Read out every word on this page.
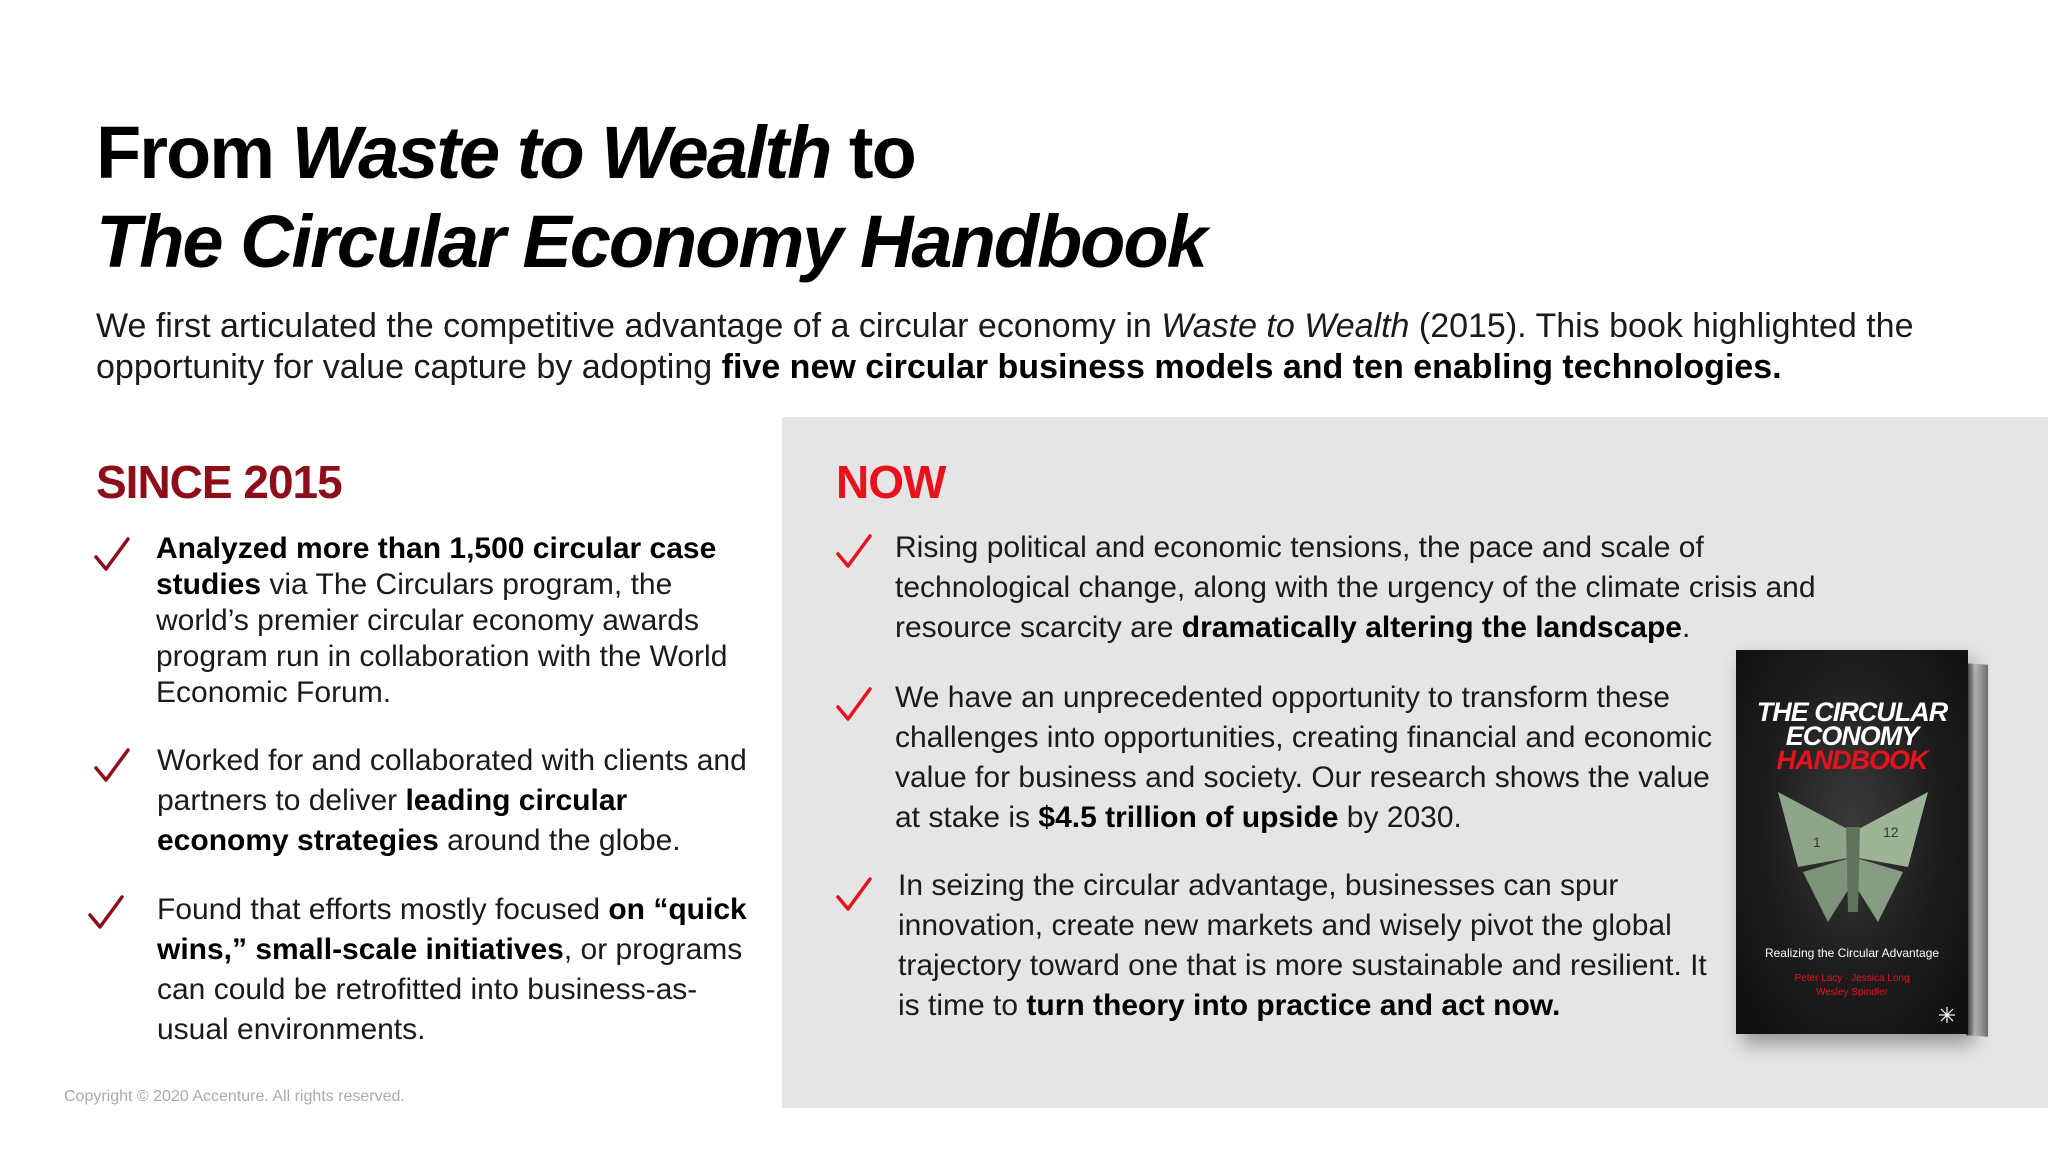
From Waste to Wealth to
The Circular Economy Handbook

We first articulated the competitive advantage of a circular economy in Waste to Wealth (2015). This book highlighted the opportunity for value capture by adopting five new circular business models and ten enabling technologies.

SINCE 2015
Analyzed more than 1,500 circular case studies via The Circulars program, the world’s premier circular economy awards program run in collaboration with the World Economic Forum.
Worked for and collaborated with clients and partners to deliver leading circular economy strategies around the globe.
Found that efforts mostly focused on “quick wins,” small-scale initiatives, or programs can could be retrofitted into business-as-usual environments.
NOW
Rising political and economic tensions, the pace and scale of technological change, along with the urgency of the climate crisis and resource scarcity are dramatically altering the landscape.
We have an unprecedented opportunity to transform these challenges into opportunities, creating financial and economic value for business and society. Our research shows the value at stake is $4.5 trillion of upside by 2030.
In seizing the circular advantage, businesses can spur innovation, create new markets and wisely pivot the global trajectory toward one that is more sustainable and resilient. It is time to turn theory into practice and act now.
THE CIRCULAR
ECONOMY
HANDBOOK
1
12
Realizing the Circular Advantage
Peter Lacy · Jessica Long
Wesley Spindler
Copyright © 2020 Accenture. All rights reserved.
